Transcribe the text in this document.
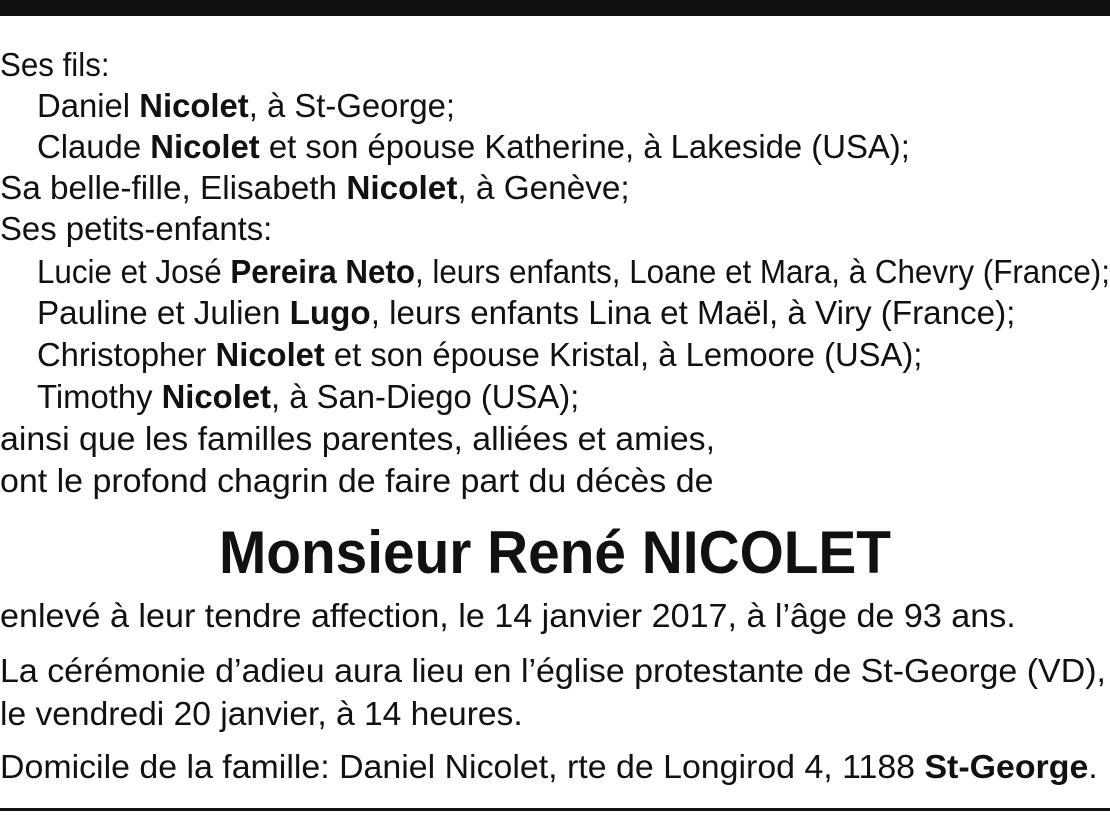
Ses fils:
Daniel Nicolet, à St-George;
Claude Nicolet et son épouse Katherine, à Lakeside (USA);
Sa belle-fille, Elisabeth Nicolet, à Genève;
Ses petits-enfants:
Lucie et José Pereira Neto, leurs enfants, Loane et Mara, à Chevry (France);
Pauline et Julien Lugo, leurs enfants Lina et Maël, à Viry (France);
Christopher Nicolet et son épouse Kristal, à Lemoore (USA);
Timothy Nicolet, à San-Diego (USA);
ainsi que les familles parentes, alliées et amies,
ont le profond chagrin de faire part du décès de
Monsieur René NICOLET
enlevé à leur tendre affection, le 14 janvier 2017, à l’âge de 93 ans.
La cérémonie d’adieu aura lieu en l’église protestante de St-George (VD),
le vendredi 20 janvier, à 14 heures.
Domicile de la famille: Daniel Nicolet, rte de Longirod 4, 1188 St-George.
